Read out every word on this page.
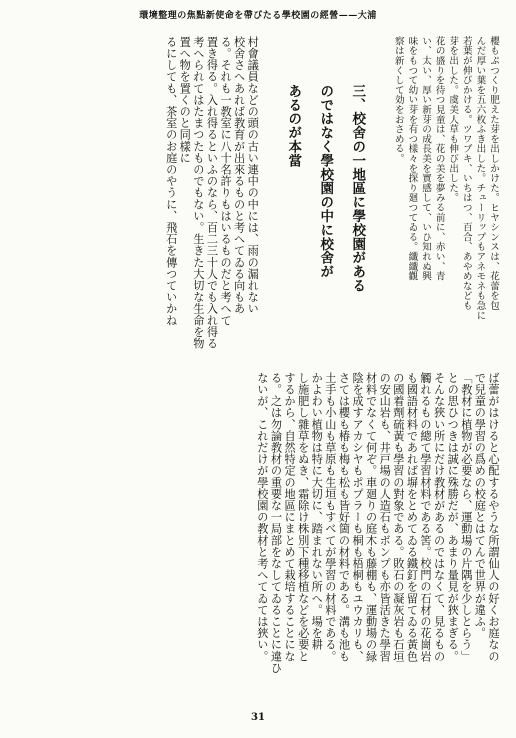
環境整理の焦點新使命を帶びたる學校園の經營——大浦

櫻もぷつくり肥えた芽を出しかけた。ヒヤシンスは、花蕾を包

んだ厚い葉を五六枚ふき出した。チューリップもアネモネも急に

若葉が伸びかける。ツワブキ、いちはつ、百合、あやめなども

芽を出した。虞美人草も伸び出した。

花の盛りを待つ見童は、花の美を夢みる前に、赤い、青

い、太い、厚い新芽の成長美を實感して、いひ知れぬ興

味をもつて幼い芽を有つ樣々を探り廻つてゐる。纖纖觀

察は新くして効をおさめる。

三、校舍の一地區に學校園がある

のではなく學校園の中に校舍が

あるのが本當

村會議員などの頭の古い連中の中には、雨の漏れない

校舍さへあれば教育が出來るものと考へてゐる向もあ

る。それも一教室に八十名許りもはいるものだと考へて

置き得る。入れ得るといふのなら、百二三十人でも入れ得る

考へられてはたまつたものでもない。生きた大切な生命を物置へ物を置くのと同樣に

るにしても、茶室のお庭のやうに、飛石を傳つていかね

ば蕾がはけると心配するやうな所謂仙人の好くお庭なの

で兒童の學習の爲めの校庭とはてんで世界が違ふ。

「教材に植物が必要なら、運動場の片隅を少しとらう」

との思ひつきは誠に殊勝だが、あまり量見が狹まぎる。

そんな狹い所にだけ教材があるのではなくて、見るもの

觸れるもの總て學習材料である筈。校門の石材の花崗岩

も國語材料であれば塀をとめてゐる鐵釘を留てゐる黃色

の國着劑硫黃も學習の對象である。敗石の凝灰岩も石垣

の安山岩も、井戸場の人造石もボンプも亦皆活きた學習

材料でなくて何ぞ。車廻りの庭木も藤棚も、運動場の緑

陰を成すアカシヤもポプラーも桐も梧桐もユウカリも、

さては櫻も椿も梅も松も皆好箇の材料である。溝も池も

土手も小山も草原も生垣もすべてが學習の材料である。

かよわい植物は特に大切に、踏まれない所へ。場を耕

し施肥し雜草をぬき、霜除け株別下種移植などを必要と

するから、自然特定の地區にまとめて栽培することにな

る。之は勿論教材の重要な一局部をなしてゐることに違ひ

ないが、これだけが學校園の教材と考へてゐては狹い。

31
